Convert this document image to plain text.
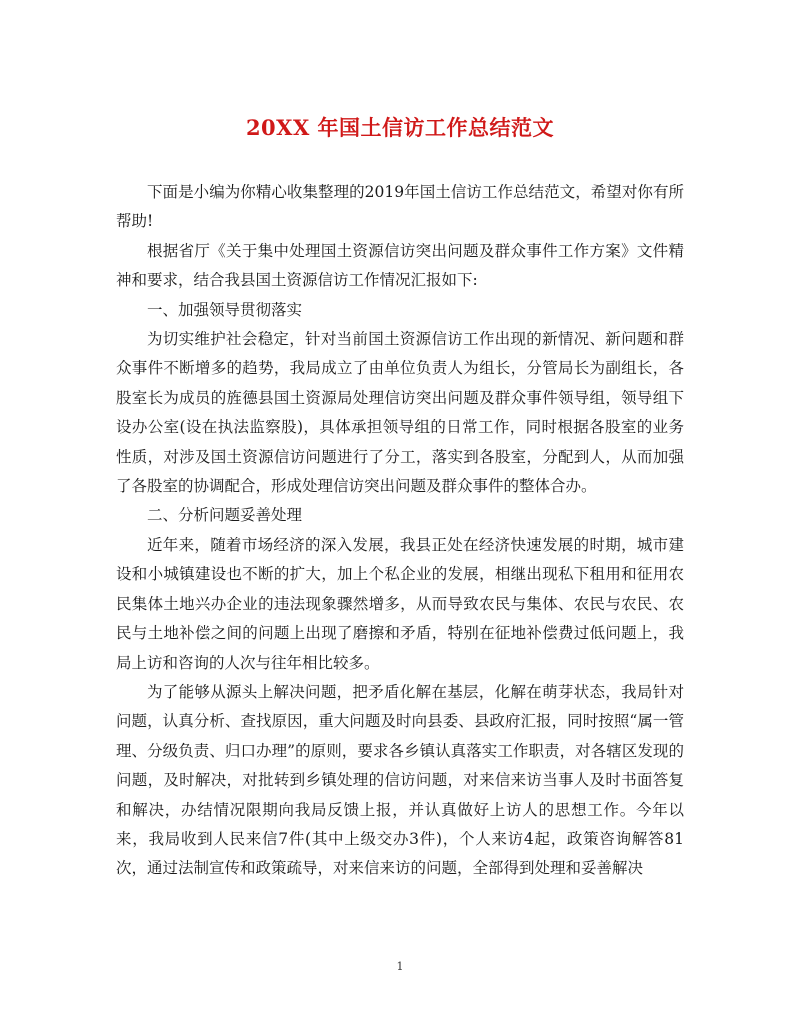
20XX 年国土信访工作总结范文

下面是小编为你精心收集整理的2019年国土信访工作总结范文，希望对你有所帮助!

根据省厅《关于集中处理国土资源信访突出问题及群众事件工作方案》文件精神和要求，结合我县国土资源信访工作情况汇报如下:

一、加强领导贯彻落实

为切实维护社会稳定，针对当前国土资源信访工作出现的新情况、新问题和群众事件不断增多的趋势，我局成立了由单位负责人为组长，分管局长为副组长，各股室长为成员的旌德县国土资源局处理信访突出问题及群众事件领导组，领导组下设办公室(设在执法监察股)，具体承担领导组的日常工作，同时根据各股室的业务性质，对涉及国土资源信访问题进行了分工，落实到各股室，分配到人，从而加强了各股室的协调配合，形成处理信访突出问题及群众事件的整体合办。

二、分析问题妥善处理

近年来，随着市场经济的深入发展，我县正处在经济快速发展的时期，城市建设和小城镇建设也不断的扩大，加上个私企业的发展，相继出现私下租用和征用农民集体土地兴办企业的违法现象骤然增多，从而导致农民与集体、农民与农民、农民与土地补偿之间的问题上出现了磨擦和矛盾，特别在征地补偿费过低问题上，我局上访和咨询的人次与往年相比较多。

为了能够从源头上解决问题，把矛盾化解在基层，化解在萌芽状态，我局针对问题，认真分析、查找原因，重大问题及时向县委、县政府汇报，同时按照“属一管理、分级负责、归口办理”的原则，要求各乡镇认真落实工作职责，对各辖区发现的问题，及时解决，对批转到乡镇处理的信访问题，对来信来访当事人及时书面答复和解决，办结情况限期向我局反馈上报，并认真做好上访人的思想工作。今年以来，我局收到人民来信7件(其中上级交办3件)，个人来访4起，政策咨询解答81次，通过法制宣传和政策疏导，对来信来访的问题，全部得到处理和妥善解决

1
